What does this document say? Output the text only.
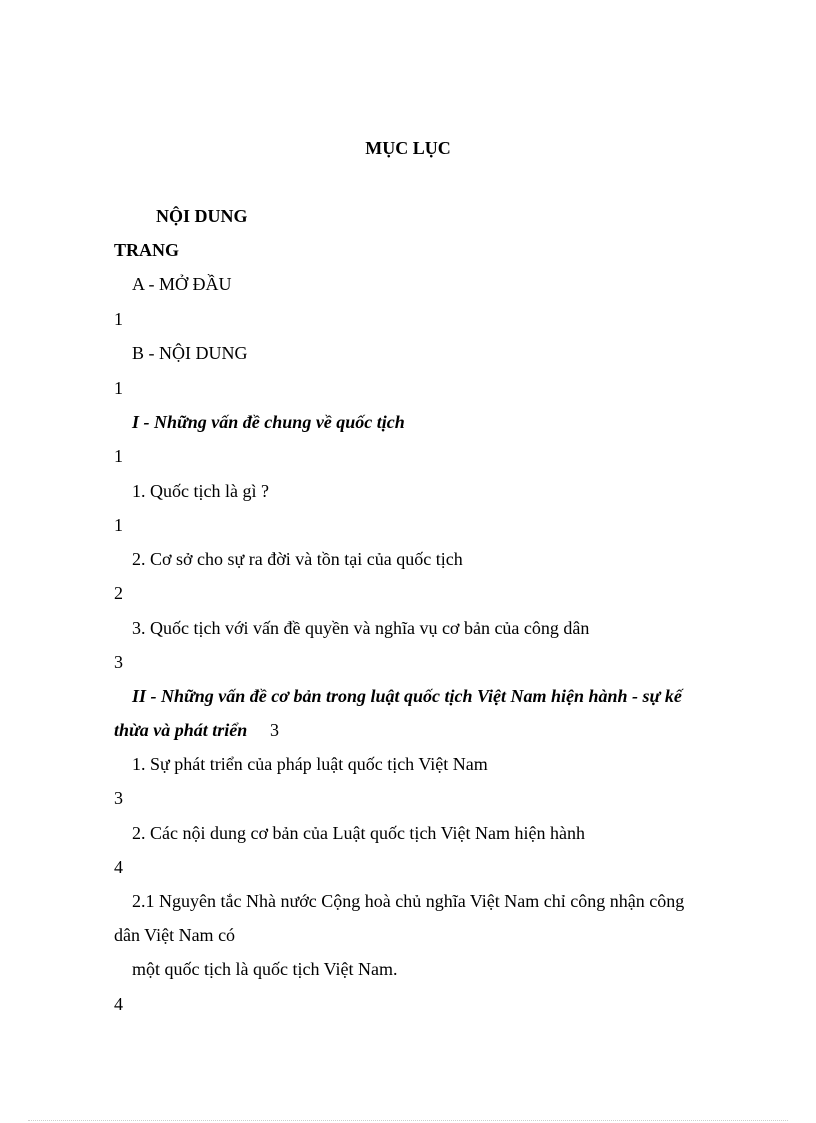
MỤC LỤC
NỘI DUNG
TRANG
A - MỞ ĐẦU
1
B - NỘI DUNG
1
I - Những vấn đề chung về quốc tịch
1
1. Quốc tịch là gì ?
1
2. Cơ sở cho sự ra đời và tồn tại của quốc tịch
2
3. Quốc tịch với vấn đề quyền và nghĩa vụ cơ bản của công dân
3
II - Những vấn đề cơ bản trong luật quốc tịch Việt Nam hiện hành - sự kế
thừa và phát triển 3
1. Sự phát triển của pháp luật quốc tịch Việt Nam
3
2. Các nội dung cơ bản của Luật quốc tịch Việt Nam hiện hành
4
2.1 Nguyên tắc Nhà nước Cộng hoà chủ nghĩa Việt Nam chỉ công nhận công
dân Việt Nam có
một quốc tịch là quốc tịch Việt Nam.
4
